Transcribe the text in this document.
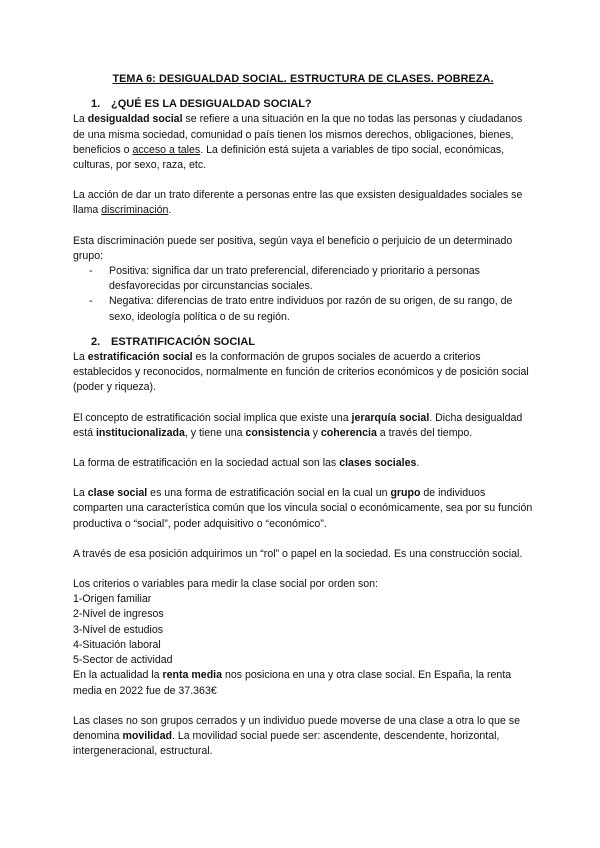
TEMA 6: DESIGUALDAD SOCIAL. ESTRUCTURA DE CLASES. POBREZA.
1. ¿QUÉ ES LA DESIGUALDAD SOCIAL?

La desigualdad social se refiere a una situación en la que no todas las personas y ciudadanos de una misma sociedad, comunidad o país tienen los mismos derechos, obligaciones, bienes, beneficios o acceso a tales. La definición está sujeta a variables de tipo social, económicas, culturas, por sexo, raza, etc.

La acción de dar un trato diferente a personas entre las que exsisten desigualdades sociales se llama discriminación.

Esta discriminación puede ser positiva, según vaya el beneficio o perjuicio de un determinado grupo:

- Positiva: significa dar un trato preferencial, diferenciado y prioritario a personas desfavorecidas por circunstancias sociales.
- Negativa: diferencias de trato entre individuos por razón de su origen, de su rango, de sexo, ideología política o de su región.
2. ESTRATIFICACIÓN SOCIAL

La estratificación social es la conformación de grupos sociales de acuerdo a criterios establecidos y reconocidos, normalmente en función de criterios económicos y de posición social (poder y riqueza).

El concepto de estratificación social implica que existe una jerarquía social. Dicha desigualdad está institucionalizada, y tiene una consistencia y coherencia a través del tiempo.

La forma de estratificación en la sociedad actual son las clases sociales.

La clase social es una forma de estratificación social en la cual un grupo de individuos comparten una característica común que los vincula social o económicamente, sea por su función productiva o “social”, poder adquisitivo o “económico”.

A través de esa posición adquirimos un “rol” o papel en la sociedad. Es una construcción social.

Los criterios o variables para medir la clase social por orden son:

1-Origen familiar

2-Nivel de ingresos

3-Nivel de estudios

4-Situación laboral

5-Sector de actividad

En la actualidad la renta media nos posiciona en una y otra clase social. En España, la renta media en 2022 fue de 37.363€

Las clases no son grupos cerrados y un individuo puede moverse de una clase a otra lo que se denomina movilidad. La movilidad social puede ser: ascendente, descendente, horizontal, intergeneracional, estructural.
